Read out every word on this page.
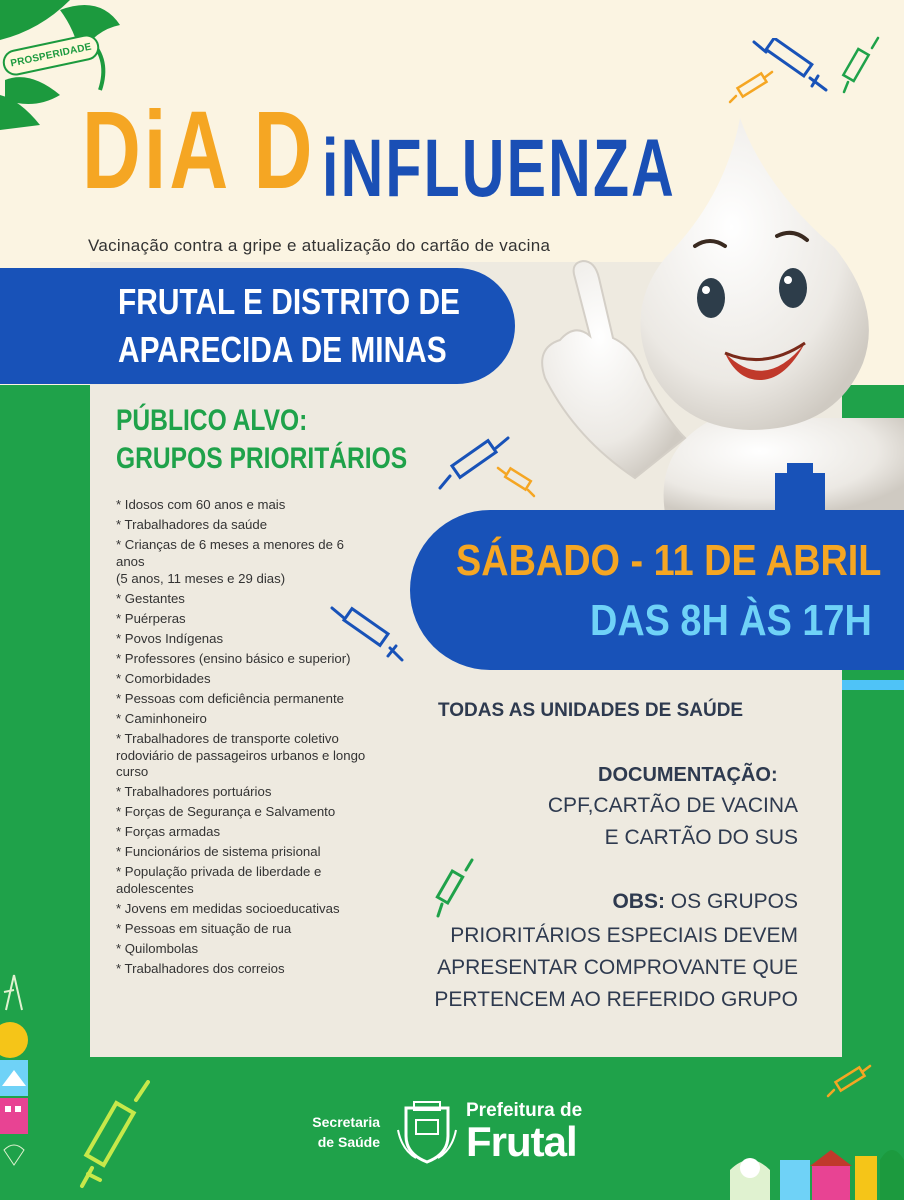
PROSPERIDADE
DiA D iNFLUENZA
Vacinação contra a gripe e atualização do cartão de vacina
FRUTAL E DISTRITO DE
APARECIDA DE MINAS
PÚBLICO ALVO:
GRUPOS PRIORITÁRIOS
* Idosos com 60 anos e mais
* Trabalhadores da saúde
* Crianças de 6 meses a menores de 6 anos
(5 anos, 11 meses e 29 dias)
* Gestantes
* Puérperas
* Povos Indígenas
* Professores (ensino básico e superior)
* Comorbidades
* Pessoas com deficiência permanente
* Caminhoneiro
* Trabalhadores de transporte coletivo rodoviário de passageiros urbanos e longo curso
* Trabalhadores portuários
* Forças de Segurança e Salvamento
* Forças armadas
* Funcionários de sistema prisional
* População privada de liberdade e adolescentes
* Jovens em medidas socioeducativas
* Pessoas em situação de rua
* Quilombolas
* Trabalhadores dos correios
SÁBADO - 11 DE ABRIL
DAS 8H ÀS 17H
TODAS AS UNIDADES DE SAÚDE
DOCUMENTAÇÃO:
CPF,CARTÃO DE VACINA
E CARTÃO DO SUS
OBS: OS GRUPOS
PRIORITÁRIOS ESPECIAIS DEVEM
APRESENTAR COMPROVANTE QUE
PERTENCEM AO REFERIDO GRUPO
Secretaria
de Saúde
Prefeitura de
Frutal
